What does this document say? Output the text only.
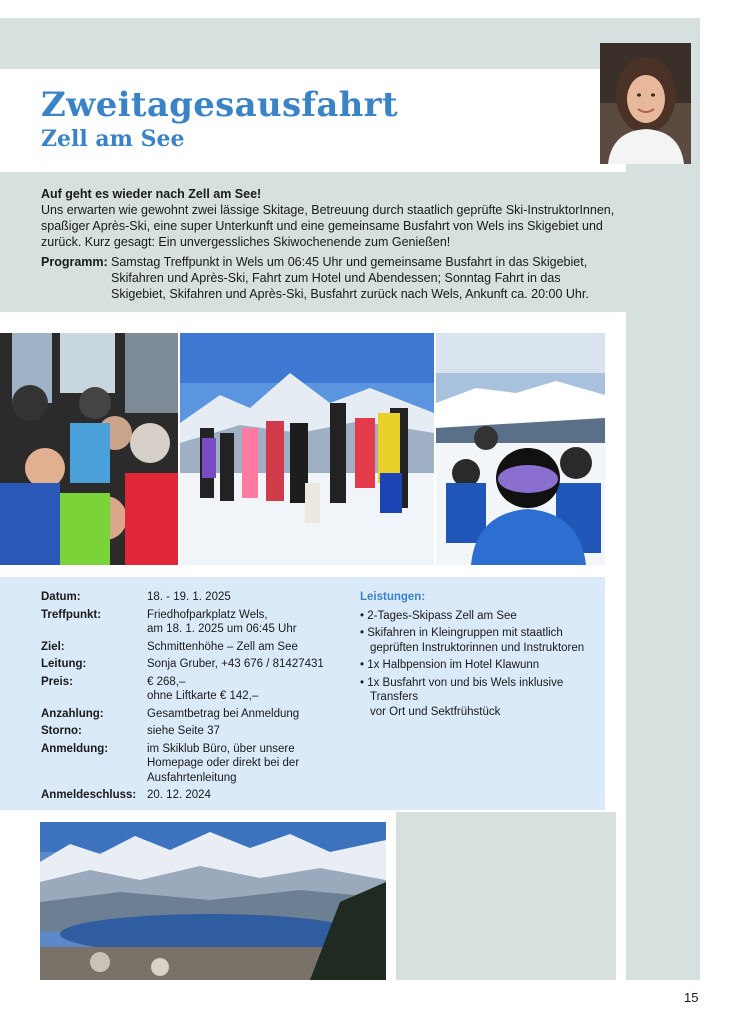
Zweitagesausfahrt
Zell am See

Auf geht es wieder nach Zell am See!

Uns erwarten wie gewohnt zwei lässige Skitage, Betreuung durch staatlich geprüfte Ski-InstruktorInnen, spaßiger Après-Ski, eine super Unterkunft und eine gemeinsame Busfahrt von Wels ins Skigebiet und zurück. Kurz gesagt: Ein unvergessliches Skiwochenende zum Genießen!

Programm: Samstag Treffpunkt in Wels um 06:45 Uhr und gemeinsame Busfahrt in das Skigebiet, Skifahren und Après-Ski, Fahrt zum Hotel und Abendessen; Sonntag Fahrt in das Skigebiet, Skifahren und Après-Ski, Busfahrt zurück nach Wels, Ankunft ca. 20:00 Uhr.
Datum:	18. - 19. 1. 2025
Treffpunkt:	Friedhofparkplatz Wels,
am 18. 1. 2025 um 06:45 Uhr
Ziel:	Schmittenhöhe – Zell am See
Leitung:	Sonja Gruber, +43 676 / 81427431
Preis:	€ 268,–
ohne Liftkarte € 142,–
Anzahlung:	Gesamtbetrag bei Anmeldung
Storno:	siehe Seite 37
Anmeldung:	im Skiklub Büro, über unsere Homepage oder direkt bei der Ausfahrtenleitung
Anmeldeschluss: 20. 12. 2024
Leistungen:
• 2-Tages-Skipass Zell am See
• Skifahren in Kleingruppen mit staatlich geprüften Instruktorinnen und Instruktoren
• 1x Halbpension im Hotel Klawunn
• 1x Busfahrt von und bis Wels inklusive Transfers
vor Ort und Sektfrühstück
15
